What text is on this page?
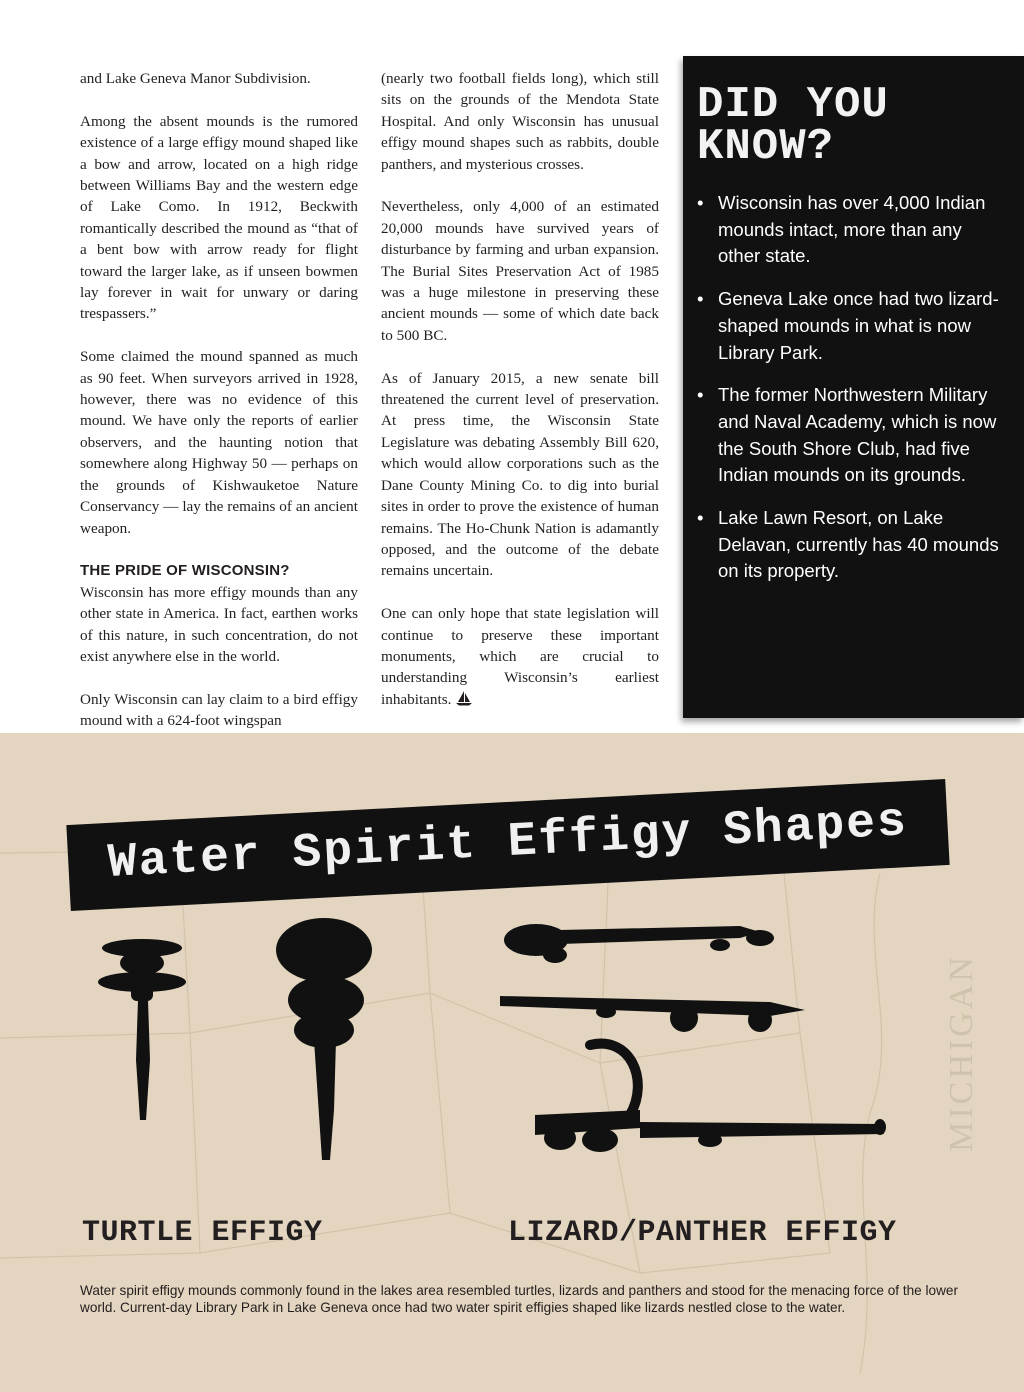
and Lake Geneva Manor Subdivision.

Among the absent mounds is the rumored existence of a large effigy mound shaped like a bow and arrow, located on a high ridge between Williams Bay and the western edge of Lake Como. In 1912, Beckwith romantically described the mound as “that of a bent bow with arrow ready for flight toward the larger lake, as if unseen bowmen lay forever in wait for unwary or daring trespassers.”

Some claimed the mound spanned as much as 90 feet. When surveyors arrived in 1928, however, there was no evidence of this mound. We have only the reports of earlier observers, and the haunting notion that somewhere along Highway 50 — perhaps on the grounds of Kishwauketoe Nature Conservancy — lay the remains of an ancient weapon.

THE PRIDE OF WISCONSIN?

Wisconsin has more effigy mounds than any other state in America. In fact, earthen works of this nature, in such concentration, do not exist anywhere else in the world.

Only Wisconsin can lay claim to a bird effigy mound with a 624-foot wingspan

(nearly two football fields long), which still sits on the grounds of the Mendota State Hospital. And only Wisconsin has unusual effigy mound shapes such as rabbits, double panthers, and mysterious crosses.

Nevertheless, only 4,000 of an estimated 20,000 mounds have survived years of disturbance by farming and urban expansion. The Burial Sites Preservation Act of 1985 was a huge milestone in preserving these ancient mounds — some of which date back to 500 BC.

As of January 2015, a new senate bill threatened the current level of preservation. At press time, the Wisconsin State Legislature was debating Assembly Bill 620, which would allow corporations such as the Dane County Mining Co. to dig into burial sites in order to prove the existence of human remains. The Ho-Chunk Nation is adamantly opposed, and the outcome of the debate remains uncertain.

One can only hope that state legislation will continue to preserve these important monuments, which are crucial to understanding Wisconsin’s earliest inhabitants.

DID YOU
KNOW?
• Wisconsin has over 4,000 Indian mounds intact, more than any other state.
• Geneva Lake once had two lizard-shaped mounds in what is now Library Park.
• The former Northwestern Military and Naval Academy, which is now the South Shore Club, had five Indian mounds on its grounds.
• Lake Lawn Resort, on Lake Delavan, currently has 40 mounds on its property.
MICHIGAN
Water Spirit Effigy Shapes

TURTLE EFFIGY	LIZARD/PANTHER EFFIGY

Water spirit effigy mounds commonly found in the lakes area resembled turtles, lizards and panthers and stood for the menacing force of the lower world. Current-day Library Park in Lake Geneva once had two water spirit effigies shaped like lizards nestled close to the water.
